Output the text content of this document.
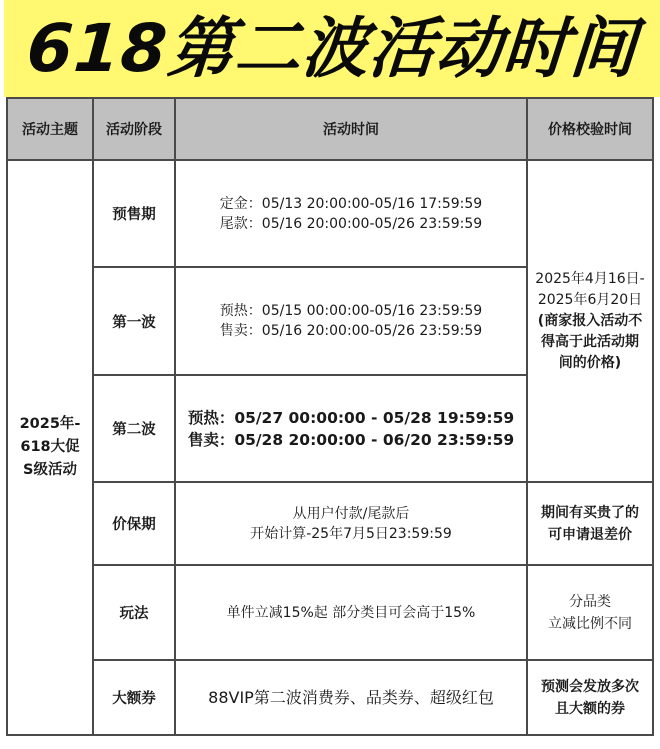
618第二波活动时间
活动主题	活动阶段	活动时间	价格校验时间

2025年-
618大促
S级活动	预售期	定金：05/13 20:00:00-05/16 17:59:59
尾款：05/16 20:00:00-05/26 23:59:59	2025年4月16日-
2025年6月20日
(商家报入活动不
得高于此活动期
间的价格)

	第一波	预热：05/15 00:00:00-05/16 23:59:59
售卖：05/16 20:00:00-05/26 23:59:59	

	第二波	预热：05/27 00:00:00 - 05/28 19:59:59
售卖：05/28 20:00:00 - 06/20 23:59:59	

	价保期	从用户付款/尾款后
开始计算-25年7月5日23:59:59	期间有买贵了的
可申请退差价

	玩法	单件立减15%起 部分类目可会高于15%	分品类
立减比例不同

	大额券	88VIP第二波消费券、品类券、超级红包	预测会发放多次
且大额的券
